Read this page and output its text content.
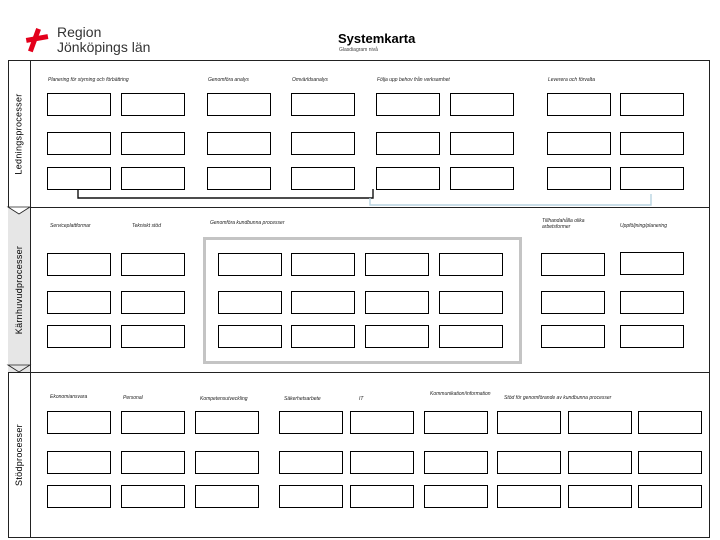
Region
Jönköpings län
Systemkarta
Glasdiagram nivå
Ledningsprocesser
Kärnhuvudprocesser
Stödprocesser
Planering för styrning och förbättring	Genomföra analys	Omvärldsanalys	Följa upp behov från verksamhet	Leverera och förvalta
Serviceplattformar	Tekniskt stöd	Genomföra kundbunna processer	Tillhandahålla olika arbetsformer	Uppföljning/planering
Ekonomiansvara	Personal	Kompetensutveckling	Säkerhetsarbete	IT
Kommunikation/information
Stöd för genomförande av kundbunna processer
